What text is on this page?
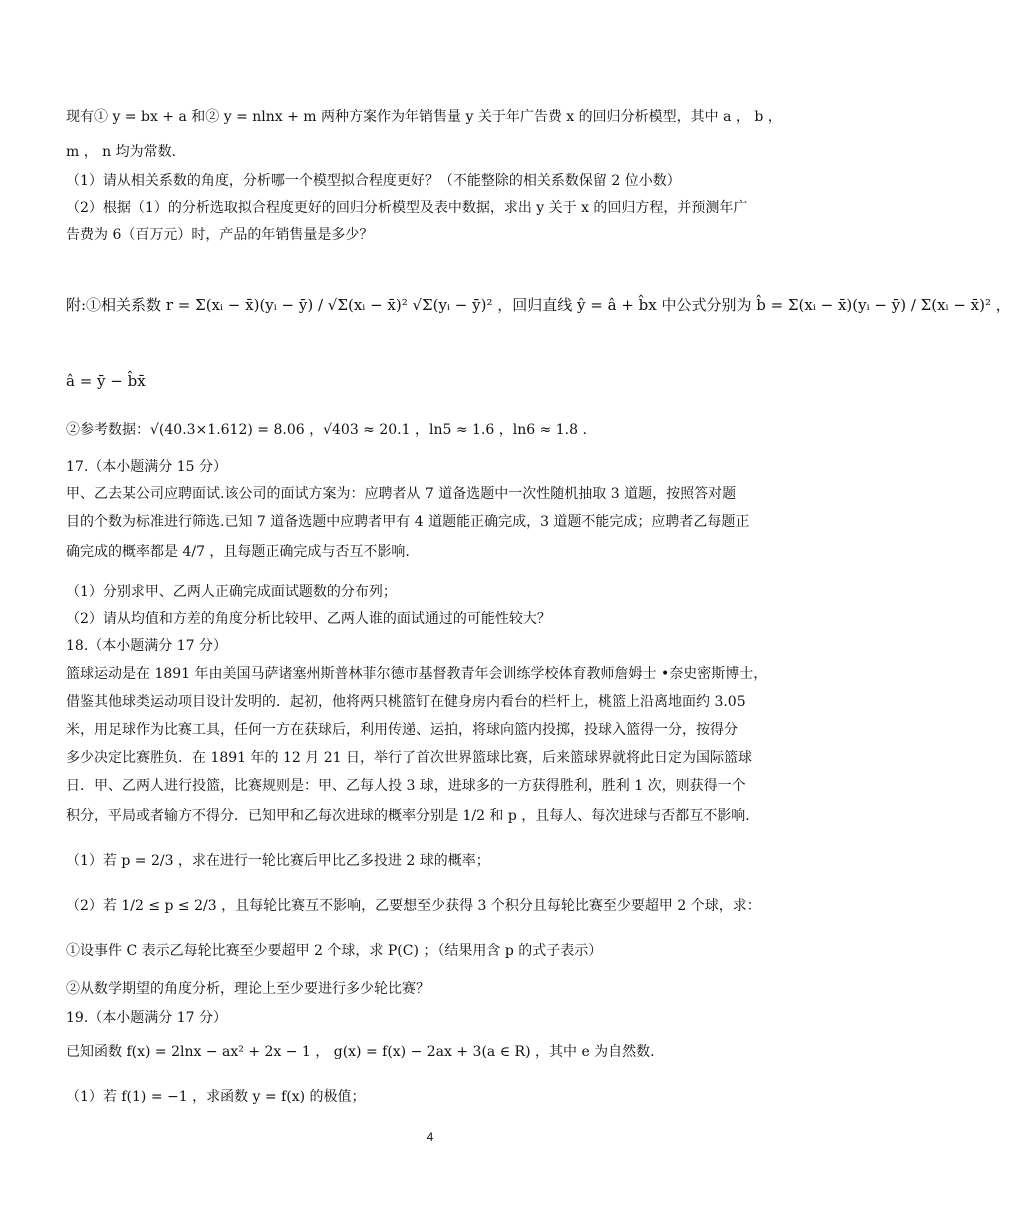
现有① y = bx + a 和② y = nlnx + m 两种方案作为年销售量 y 关于年广告费 x 的回归分析模型，其中 a ， b ，
m ， n 均为常数.
（1）请从相关系数的角度，分析哪一个模型拟合程度更好？（不能整除的相关系数保留 2 位小数）
（2）根据（1）的分析选取拟合程度更好的回归分析模型及表中数据，求出 y 关于 x 的回归方程，并预测年广
告费为 6（百万元）时，产品的年销售量是多少？
附:①相关系数 r = Σ(xᵢ − x̄)(yᵢ − ȳ) / √Σ(xᵢ − x̄)² √Σ(yᵢ − ȳ)² ，回归直线 ŷ = â + b̂x 中公式分别为 b̂ = Σ(xᵢ − x̄)(yᵢ − ȳ) / Σ(xᵢ − x̄)² ，
â = ȳ − b̂x̄
②参考数据：√(40.3×1.612) = 8.06 ，√403 ≈ 20.1 ，ln5 ≈ 1.6 ，ln6 ≈ 1.8 .
17.（本小题满分 15 分）
甲、乙去某公司应聘面试.该公司的面试方案为：应聘者从 7 道备选题中一次性随机抽取 3 道题，按照答对题
目的个数为标准进行筛选.已知 7 道备选题中应聘者甲有 4 道题能正确完成，3 道题不能完成；应聘者乙每题正
确完成的概率都是 4/7 ，且每题正确完成与否互不影响.
（1）分别求甲、乙两人正确完成面试题数的分布列；
（2）请从均值和方差的角度分析比较甲、乙两人谁的面试通过的可能性较大？
18.（本小题满分 17 分）
篮球运动是在 1891 年由美国马萨诸塞州斯普林菲尔德市基督教青年会训练学校体育教师詹姆士 •奈史密斯博士，
借鉴其他球类运动项目设计发明的．起初，他将两只桃篮钉在健身房内看台的栏杆上，桃篮上沿离地面约 3.05
米，用足球作为比赛工具，任何一方在获球后，利用传递、运拍，将球向篮内投掷，投球入篮得一分，按得分
多少决定比赛胜负．在 1891 年的 12 月 21 日，举行了首次世界篮球比赛，后来篮球界就将此日定为国际篮球
日．甲、乙两人进行投篮，比赛规则是：甲、乙每人投 3 球，进球多的一方获得胜利，胜利 1 次，则获得一个
积分，平局或者输方不得分．已知甲和乙每次进球的概率分别是 1/2 和 p ，且每人、每次进球与否都互不影响.
（1）若 p = 2/3 ，求在进行一轮比赛后甲比乙多投进 2 球的概率；
（2）若 1/2 ≤ p ≤ 2/3 ，且每轮比赛互不影响，乙要想至少获得 3 个积分且每轮比赛至少要超甲 2 个球，求：
①设事件 C 表示乙每轮比赛至少要超甲 2 个球，求 P(C) ；（结果用含 p 的式子表示）
②从数学期望的角度分析，理论上至少要进行多少轮比赛？
19.（本小题满分 17 分）
已知函数 f(x) = 2lnx − ax² + 2x − 1 ， g(x) = f(x) − 2ax + 3(a ∈ R) ，其中 e 为自然数.
（1）若 f(1) = −1 ，求函数 y = f(x) 的极值；
4
